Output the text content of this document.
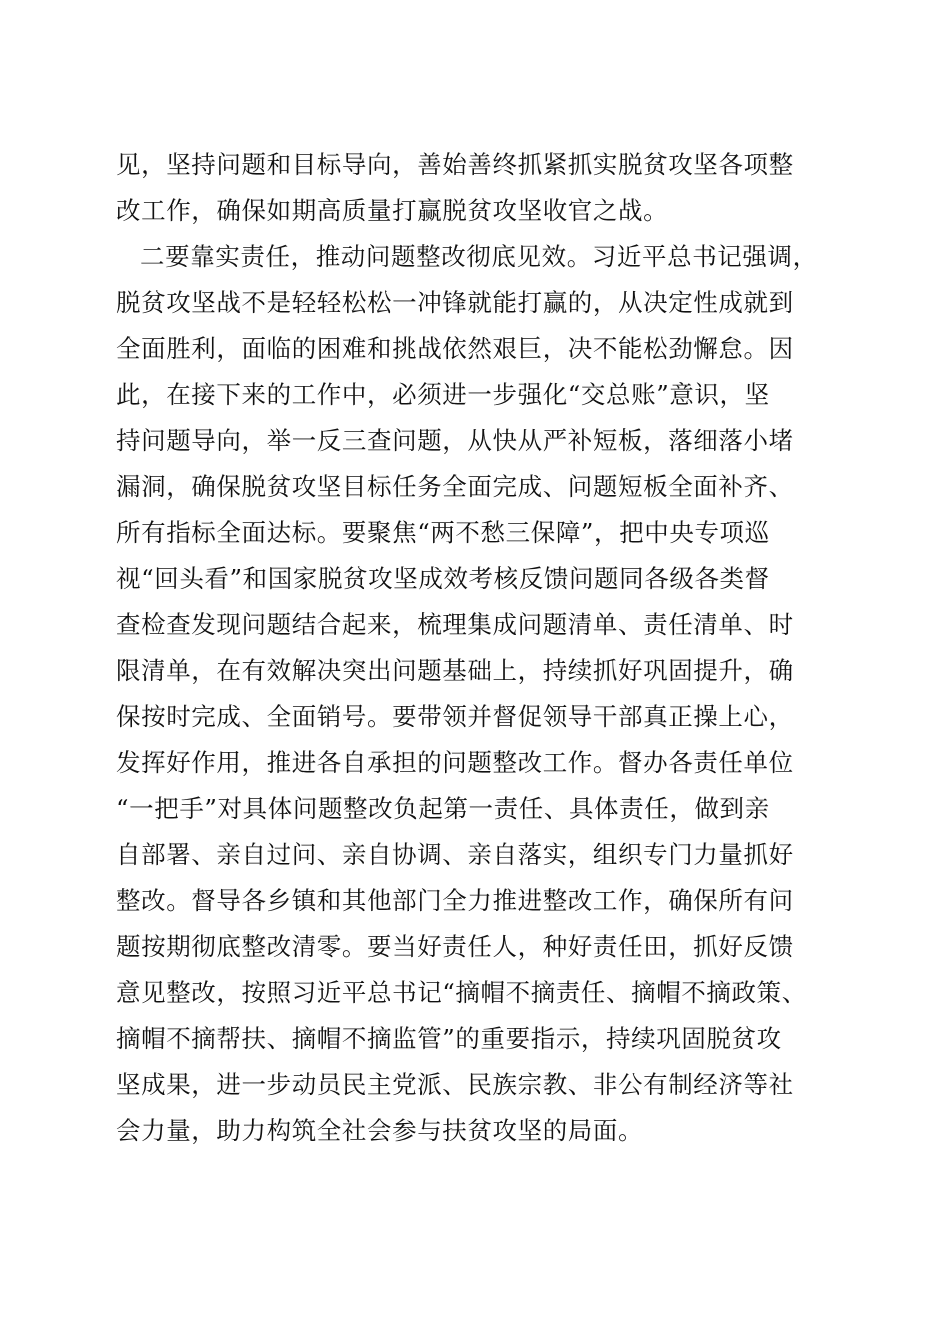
见，坚持问题和目标导向，善始善终抓紧抓实脱贫攻坚各项整
改工作，确保如期高质量打赢脱贫攻坚收官之战。
二要靠实责任，推动问题整改彻底见效。习近平总书记强调，
脱贫攻坚战不是轻轻松松一冲锋就能打赢的，从决定性成就到
全面胜利，面临的困难和挑战依然艰巨，决不能松劲懈怠。因
此，在接下来的工作中，必须进一步强化“交总账”意识，坚
持问题导向，举一反三查问题，从快从严补短板，落细落小堵
漏洞，确保脱贫攻坚目标任务全面完成、问题短板全面补齐、
所有指标全面达标。要聚焦“两不愁三保障”，把中央专项巡
视“回头看”和国家脱贫攻坚成效考核反馈问题同各级各类督
查检查发现问题结合起来，梳理集成问题清单、责任清单、时
限清单，在有效解决突出问题基础上，持续抓好巩固提升，确
保按时完成、全面销号。要带领并督促领导干部真正操上心，
发挥好作用，推进各自承担的问题整改工作。督办各责任单位
“一把手”对具体问题整改负起第一责任、具体责任，做到亲
自部署、亲自过问、亲自协调、亲自落实，组织专门力量抓好
整改。督导各乡镇和其他部门全力推进整改工作，确保所有问
题按期彻底整改清零。要当好责任人，种好责任田，抓好反馈
意见整改，按照习近平总书记“摘帽不摘责任、摘帽不摘政策、
摘帽不摘帮扶、摘帽不摘监管”的重要指示，持续巩固脱贫攻
坚成果，进一步动员民主党派、民族宗教、非公有制经济等社
会力量，助力构筑全社会参与扶贫攻坚的局面。
